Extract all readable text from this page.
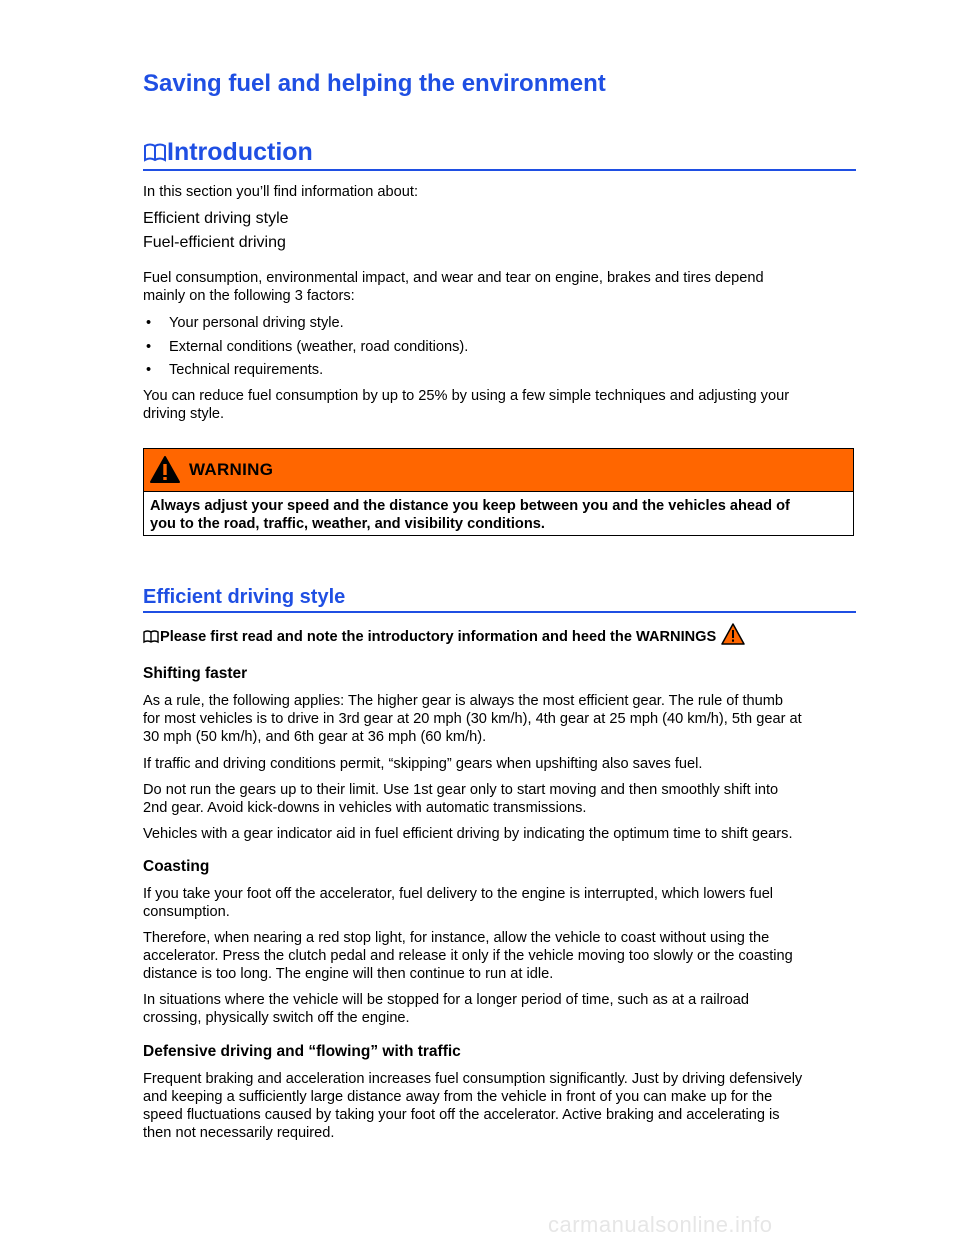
Saving fuel and helping the environment
Introduction
In this section you’ll find information about:
Efficient driving style
Fuel-efficient driving
Fuel consumption, environmental impact, and wear and tear on engine, brakes and tires depend
mainly on the following 3 factors:
•	Your personal driving style.
•	External conditions (weather, road conditions).
•	Technical requirements.
You can reduce fuel consumption by up to 25% by using a few simple techniques and adjusting your
driving style.
WARNING
Always adjust your speed and the distance you keep between you and the vehicles ahead of
you to the road, traffic, weather, and visibility conditions.
Efficient driving style
Please first read and note the introductory information and heed the WARNINGS
Shifting faster
As a rule, the following applies: The higher gear is always the most efficient gear. The rule of thumb
for most vehicles is to drive in 3rd gear at 20 mph (30 km/h), 4th gear at 25 mph (40 km/h), 5th gear at
30 mph (50 km/h), and 6th gear at 36 mph (60 km/h).
If traffic and driving conditions permit, “skipping” gears when upshifting also saves fuel.
Do not run the gears up to their limit. Use 1st gear only to start moving and then smoothly shift into
2nd gear. Avoid kick-downs in vehicles with automatic transmissions.
Vehicles with a gear indicator aid in fuel efficient driving by indicating the optimum time to shift gears.
Coasting
If you take your foot off the accelerator, fuel delivery to the engine is interrupted, which lowers fuel
consumption.
Therefore, when nearing a red stop light, for instance, allow the vehicle to coast without using the
accelerator. Press the clutch pedal and release it only if the vehicle moving too slowly or the coasting
distance is too long. The engine will then continue to run at idle.
In situations where the vehicle will be stopped for a longer period of time, such as at a railroad
crossing, physically switch off the engine.
Defensive driving and “flowing” with traffic
Frequent braking and acceleration increases fuel consumption significantly. Just by driving defensively
and keeping a sufficiently large distance away from the vehicle in front of you can make up for the
speed fluctuations caused by taking your foot off the accelerator. Active braking and accelerating is
then not necessarily required.
carmanualsonline.info
